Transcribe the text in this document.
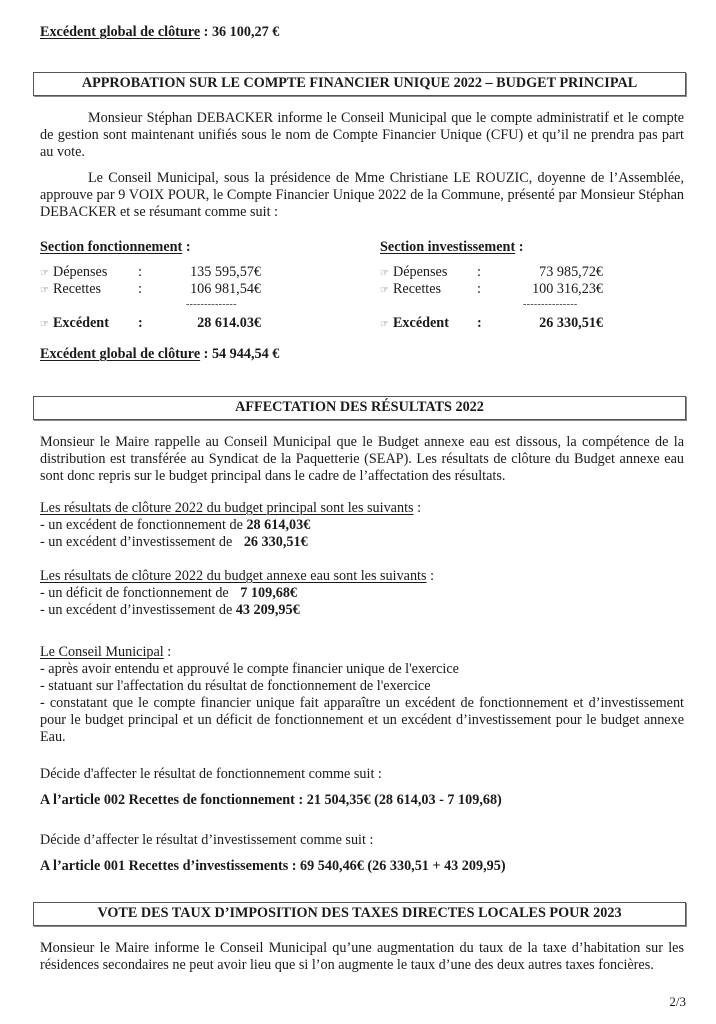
Excédent global de clôture : 36 100,27 €
APPROBATION SUR LE COMPTE FINANCIER UNIQUE 2022 – BUDGET PRINCIPAL
Monsieur Stéphan DEBACKER informe le Conseil Municipal que le compte administratif et le compte de gestion sont maintenant unifiés sous le nom de Compte Financier Unique (CFU) et qu’il ne prendra pas part au vote.
Le Conseil Municipal, sous la présidence de Mme Christiane LE ROUZIC, doyenne de l’Assemblée, approuve par 9 VOIX POUR, le Compte Financier Unique 2022 de la Commune, présenté par Monsieur Stéphan DEBACKER et se résumant comme suit :
Section fonctionnement :
☞ Dépenses :	135 595,57€
☞ Recettes	:	106 981,54€
--------------
☞ Excédent :	28 614.03€
Section investissement :
☞ Dépenses :	73 985,72€
☞ Recettes	:	100 316,23€
---------------
☞ Excédent :	26 330,51€
Excédent global de clôture : 54 944,54 €
AFFECTATION DES RÉSULTATS 2022
Monsieur le Maire rappelle au Conseil Municipal que le Budget annexe eau est dissous, la compétence de la distribution est transférée au Syndicat de la Paquetterie (SEAP). Les résultats de clôture du Budget annexe eau sont donc repris sur le budget principal dans le cadre de l’affectation des résultats.
Les résultats de clôture 2022 du budget principal sont les suivants :
- un excédent de fonctionnement de 28 614,03€
- un excédent d’investissement de 26 330,51€
Les résultats de clôture 2022 du budget annexe eau sont les suivants :
- un déficit de fonctionnement de 7 109,68€
- un excédent d’investissement de 43 209,95€
Le Conseil Municipal :
- après avoir entendu et approuvé le compte financier unique de l'exercice
- statuant sur l'affectation du résultat de fonctionnement de l'exercice
- constatant que le compte financier unique fait apparaître un excédent de fonctionnement et d’investissement pour le budget principal et un déficit de fonctionnement et un excédent d’investissement pour le budget annexe Eau.
Décide d'affecter le résultat de fonctionnement comme suit :
A l’article 002 Recettes de fonctionnement : 21 504,35€ (28 614,03 - 7 109,68)
Décide d’affecter le résultat d’investissement comme suit :
A l’article 001 Recettes d’investissements : 69 540,46€ (26 330,51 + 43 209,95)
VOTE DES TAUX D’IMPOSITION DES TAXES DIRECTES LOCALES POUR 2023
Monsieur le Maire informe le Conseil Municipal qu’une augmentation du taux de la taxe d’habitation sur les résidences secondaires ne peut avoir lieu que si l’on augmente le taux d’une des deux autres taxes foncières.
2/3
